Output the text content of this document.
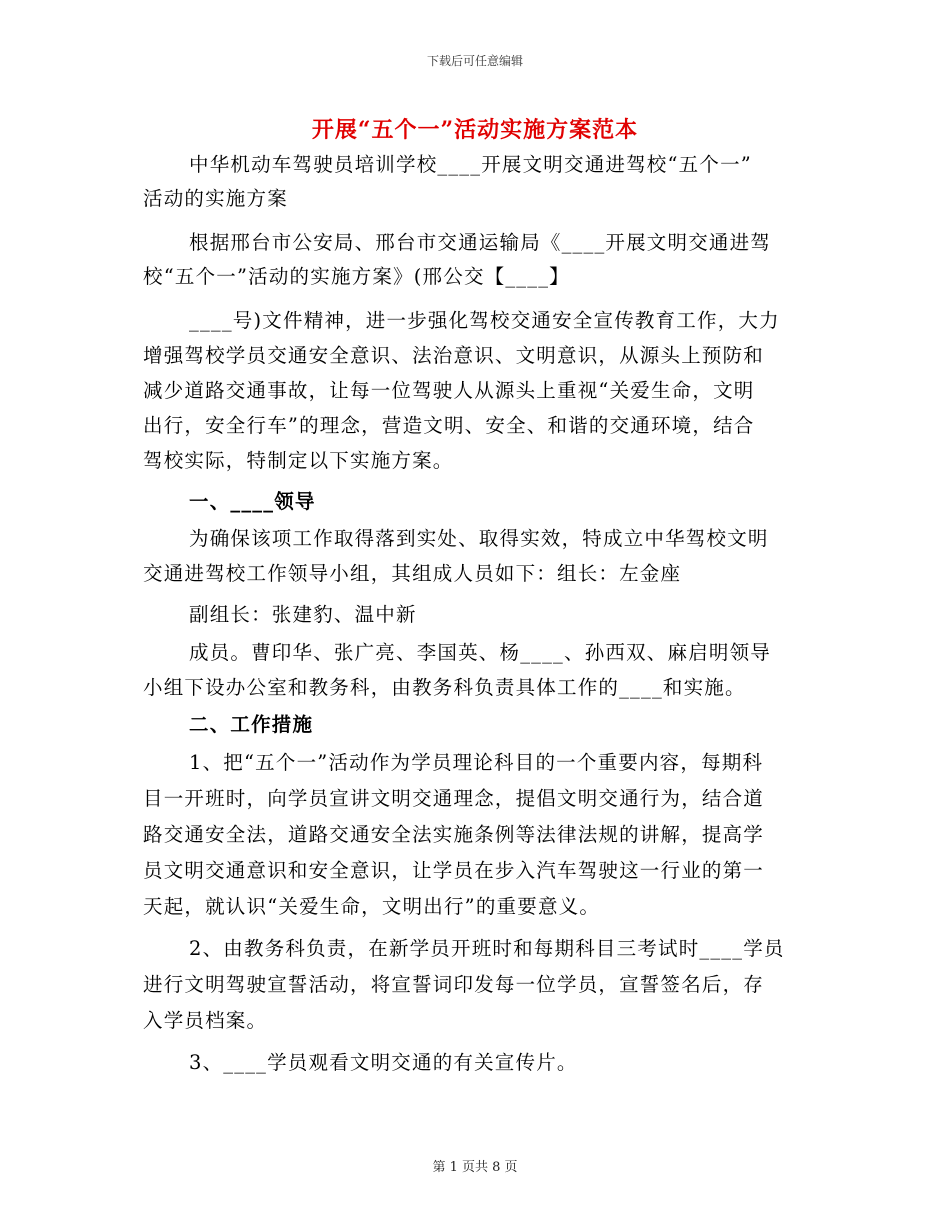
下载后可任意编辑
开展“五个一”活动实施方案范本
中华机动车驾驶员培训学校____开展文明交通进驾校“五个一”
活动的实施方案
根据邢台市公安局、邢台市交通运输局《____开展文明交通进驾
校“五个一”活动的实施方案》(邢公交【____】
____号)文件精神，进一步强化驾校交通安全宣传教育工作，大力
增强驾校学员交通安全意识、法治意识、文明意识，从源头上预防和
减少道路交通事故，让每一位驾驶人从源头上重视“关爱生命，文明
出行，安全行车”的理念，营造文明、安全、和谐的交通环境，结合
驾校实际，特制定以下实施方案。
一、____领导
为确保该项工作取得落到实处、取得实效，特成立中华驾校文明
交通进驾校工作领导小组，其组成人员如下：组长：左金座
副组长：张建豹、温中新
成员。曹印华、张广亮、李国英、杨____、孙西双、麻启明领导
小组下设办公室和教务科，由教务科负责具体工作的____和实施。
二、工作措施
1、把“五个一”活动作为学员理论科目的一个重要内容，每期科
目一开班时，向学员宣讲文明交通理念，提倡文明交通行为，结合道
路交通安全法，道路交通安全法实施条例等法律法规的讲解，提高学
员文明交通意识和安全意识，让学员在步入汽车驾驶这一行业的第一
天起，就认识“关爱生命，文明出行”的重要意义。
2、由教务科负责，在新学员开班时和每期科目三考试时____学员
进行文明驾驶宣誓活动，将宣誓词印发每一位学员，宣誓签名后，存
入学员档案。
3、____学员观看文明交通的有关宣传片。
第 1 页共 8 页
